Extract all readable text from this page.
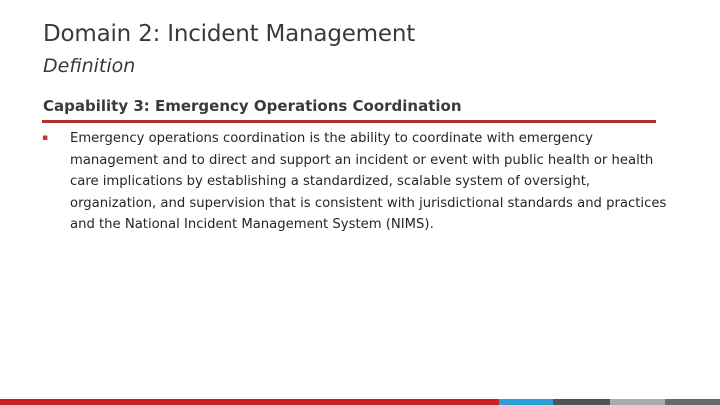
Domain 2: Incident Management
Definition
Capability 3: Emergency Operations Coordination
▪ Emergency operations coordination is the ability to coordinate with emergency management and to direct and support an incident or event with public health or health care implications by establishing a standardized, scalable system of oversight, organization, and supervision that is consistent with jurisdictional standards and practices and the National Incident Management System (NIMS).
